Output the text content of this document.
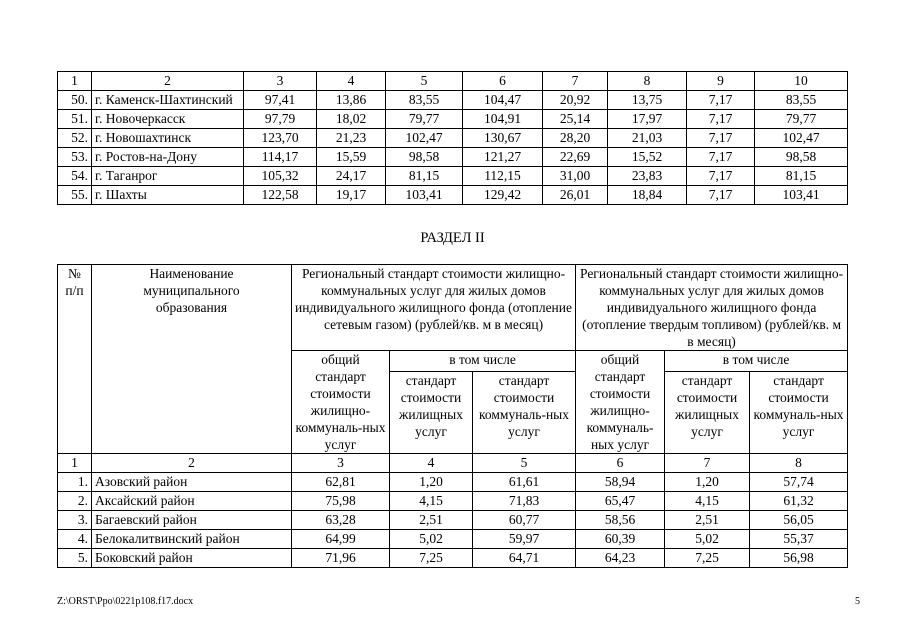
1	2	3	4	5	6	7	8	9	10
50.	г. Каменск-Шахтинский	97,41	13,86	83,55	104,47	20,92	13,75	7,17	83,55
51.	г. Новочеркасск	97,79	18,02	79,77	104,91	25,14	17,97	7,17	79,77
52.	г. Новошахтинск	123,70	21,23	102,47	130,67	28,20	21,03	7,17	102,47
53.	г. Ростов-на-Дону	114,17	15,59	98,58	121,27	22,69	15,52	7,17	98,58
54.	г. Таганрог	105,32	24,17	81,15	112,15	31,00	23,83	7,17	81,15
55.	г. Шахты	122,58	19,17	103,41	129,42	26,01	18,84	7,17	103,41
РАЗДЕЛ II
№ п/п	Наименование муниципального образования	Региональный стандарт стоимости жилищно-коммунальных услуг для жилых домов индивидуального жилищного фонда (отопление сетевым газом) (рублей/кв. м в месяц)			Региональный стандарт стоимости жилищно-коммунальных услуг для жилых домов индивидуального жилищного фонда (отопление твердым топливом) (рублей/кв. м в месяц)		
		общий стандарт стоимости жилищно-коммуналь-ных услуг	в том числе		общий стандарт стоимости жилищно-коммуналь-ных услуг	в том числе	
			стандарт стоимости жилищных услуг	стандарт стоимости коммуналь-ных услуг		стандарт стоимости жилищных услуг	стандарт стоимости коммуналь-ных услуг
1	2	3	4	5	6	7	8
1.	Азовский район	62,81	1,20	61,61	58,94	1,20	57,74
2.	Аксайский район	75,98	4,15	71,83	65,47	4,15	61,32
3.	Багаевский район	63,28	2,51	60,77	58,56	2,51	56,05
4.	Белокалитвинский район	64,99	5,02	59,97	60,39	5,02	55,37
5.	Боковский район	71,96	7,25	64,71	64,23	7,25	56,98
Z:\ORST\Ppo\0221p108.f17.docx	5
